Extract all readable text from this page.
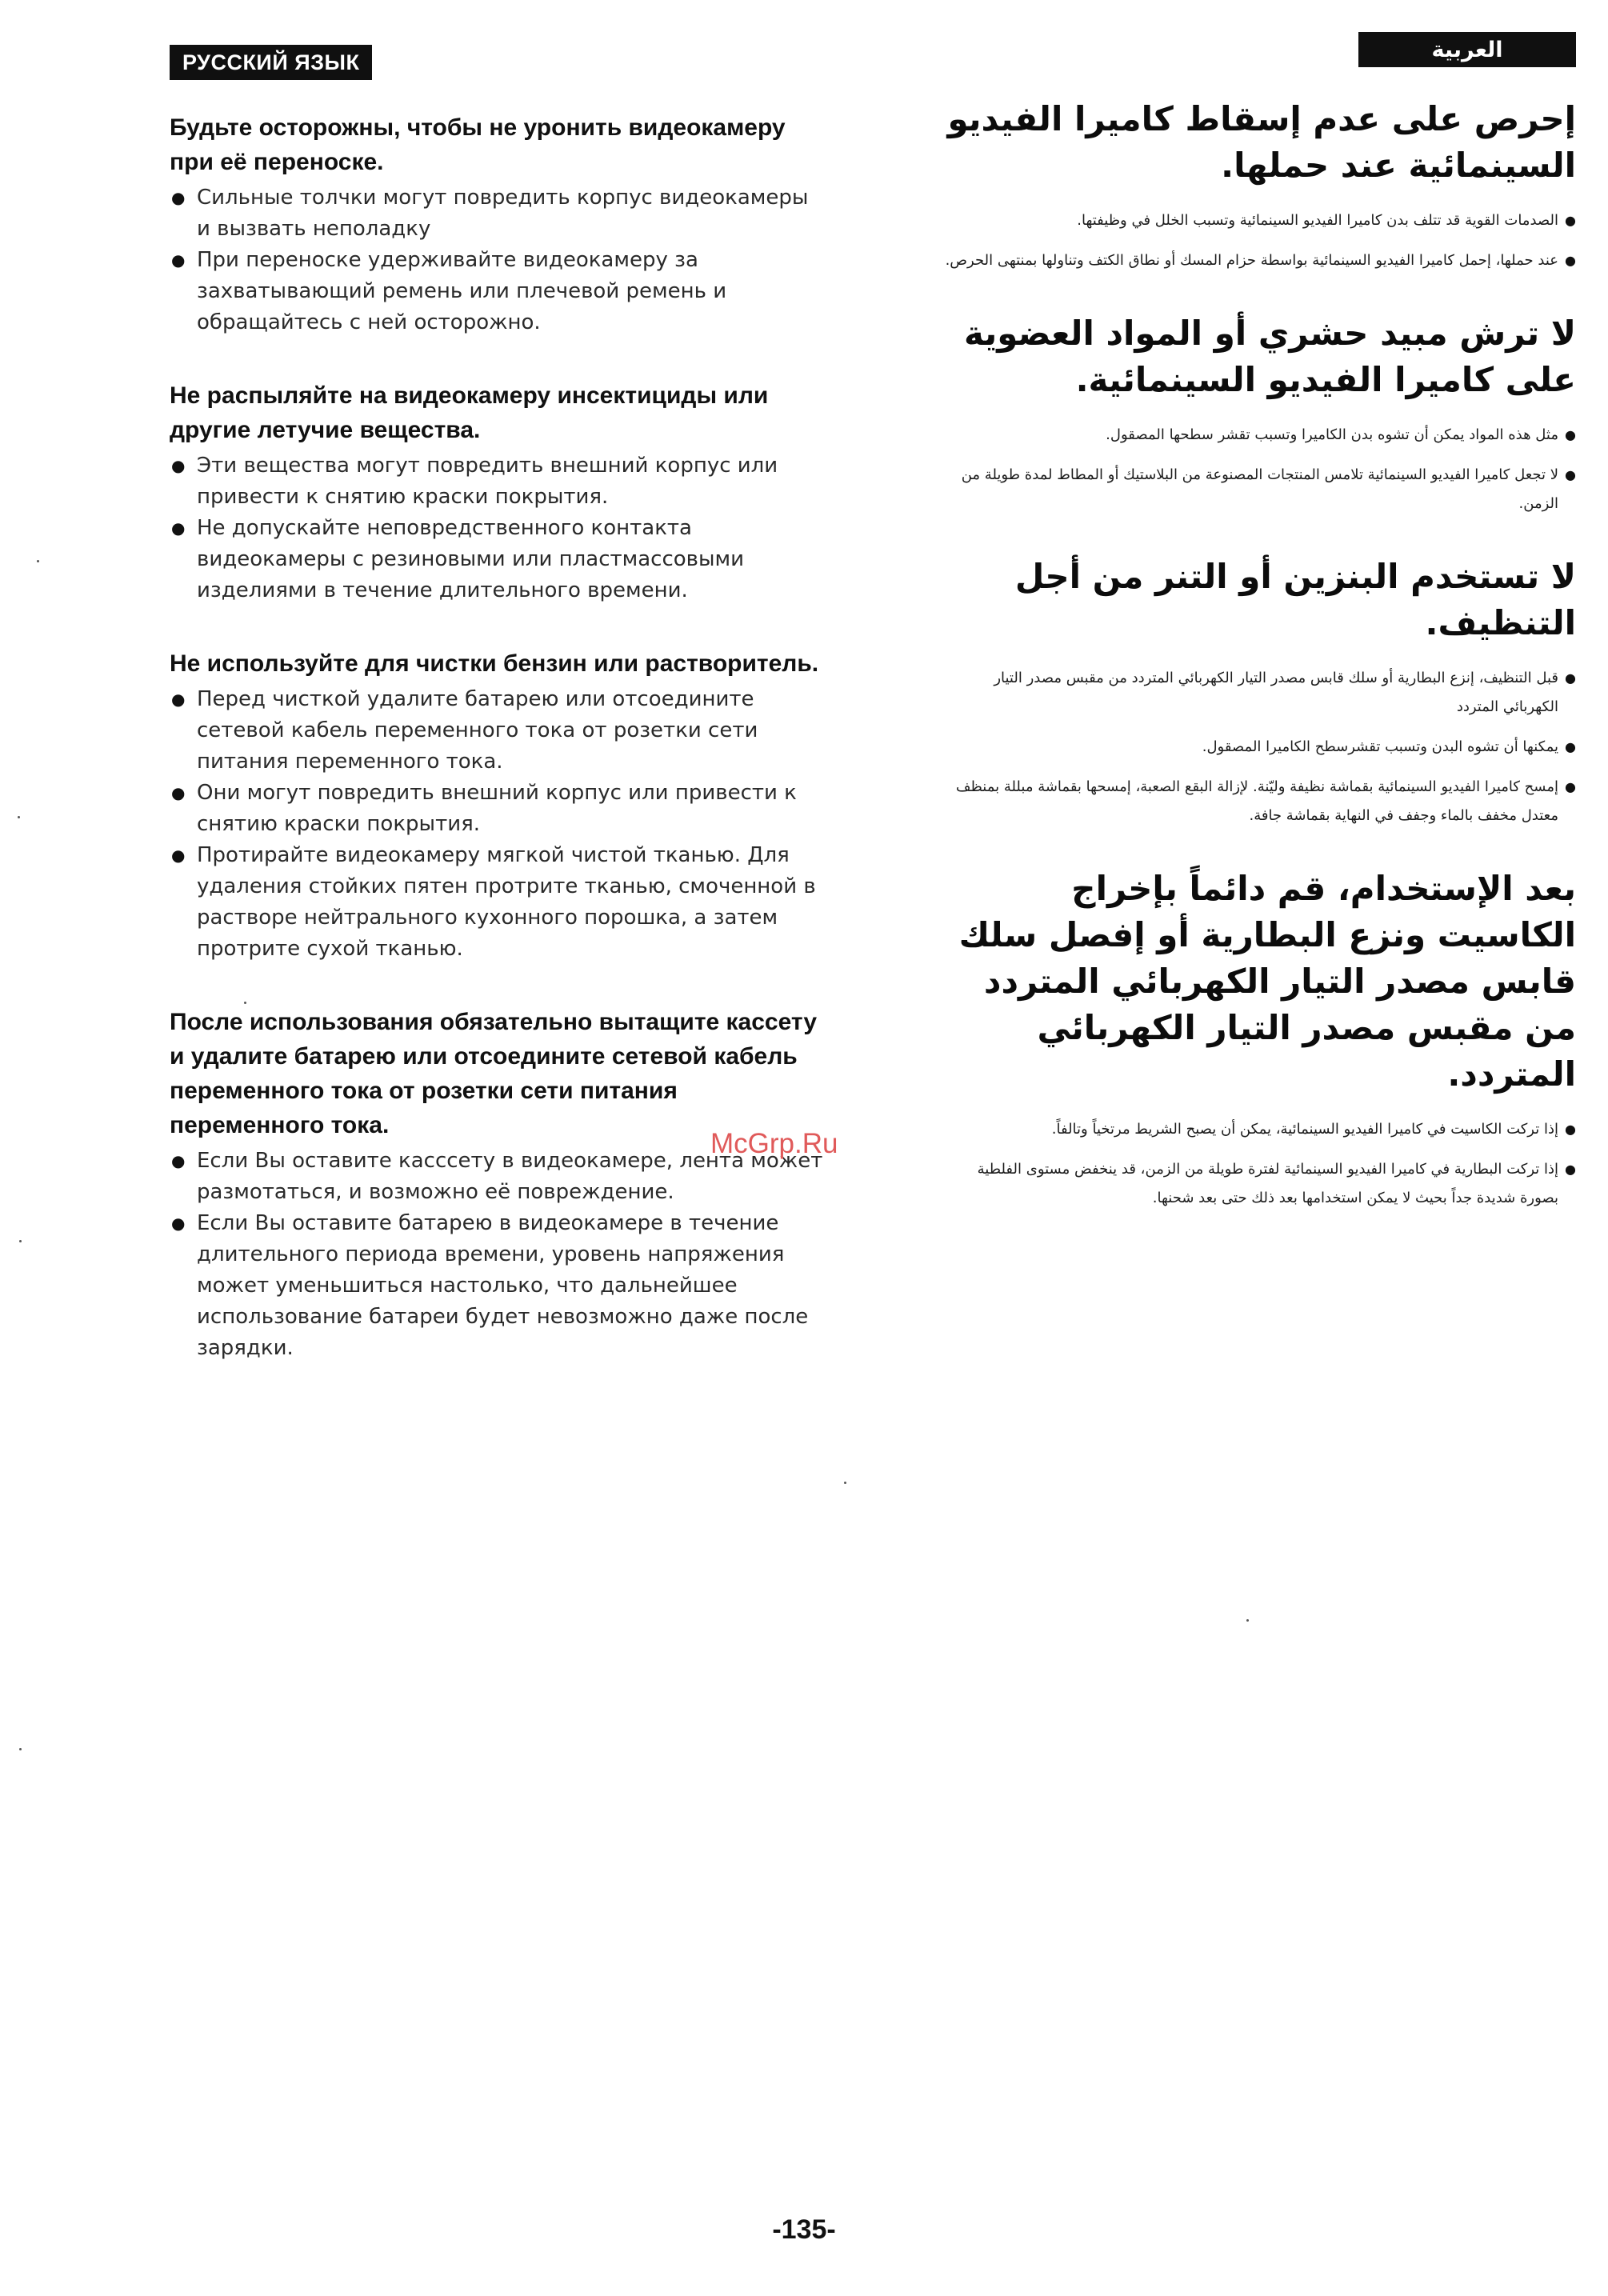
РУССКИЙ ЯЗЫК
Будьте осторожны, чтобы не уронить видеокамеру при её переноске.
● Сильные толчки могут повредить корпус видеокамеры и вызвать неполадку
● При переноске удерживайте видеокамеру за захватывающий ремень или плечевой ремень и обращайтесь с ней осторожно.
Не распыляйте на видеокамеру инсектициды или другие летучие вещества.
● Эти вещества могут повредить внешний корпус или привести к снятию краски покрытия.
● Не допускайте неповредственного контакта видеокамеры с резиновыми или пластмассовыми изделиями в течение длительного времени.
Не используйте для чистки бензин или растворитель.
● Перед чисткой удалите батарею или отсоедините сетевой кабель переменного тока от розетки сети питания переменного тока.
● Они могут повредить внешний корпус или привести к снятию краски покрытия.
● Протирайте видеокамеру мягкой чистой тканью. Для удаления стойких пятен протрите тканью, смоченной в растворе нейтрального кухонного порошка, а затем протрите сухой тканью.
После использования обязательно вытащите кассету и удалите батарею или отсоедините сетевой кабель переменного тока от розетки сети питания переменного тока.
● Если Вы оставите касссету в видеокамере, лента может размотаться, и возможно её повреждение.
● Если Вы оставите батарею в видеокамере в течение длительного периода времени, уровень напряжения может уменьшиться настолько, что дальнейшее использование батареи будет невозможно даже после зарядки.
العربية
إحرص على عدم إسقاط كاميرا الفيديو السينمائية عند حملها.
●
الصدمات القوية قد تتلف بدن كاميرا الفيديو السينمائية وتسبب الخلل في وظيفتها.
●
عند حملها، إحمل كاميرا الفيديو السينمائية بواسطة حزام المسك أو نطاق الكتف وتناولها بمنتهى الحرص.
لا ترش مبيد حشري أو المواد العضوية على كاميرا الفيديو السينمائية.
●
مثل هذه المواد يمكن أن تشوه بدن الكاميرا وتسبب تقشر سطحها المصقول.
●
لا تجعل كاميرا الفيديو السينمائية تلامس المنتجات المصنوعة من البلاستيك أو المطاط لمدة طويلة من الزمن.
لا تستخدم البنزين أو التنر من أجل التنظيف.
●
قبل التنظيف، إنزع البطارية أو سلك قابس مصدر التيار الكهربائي المتردد من مقبس مصدر التيار الكهربائي المتردد
●
يمكنها أن تشوه البدن وتسبب تقشرسطح الكاميرا المصقول.
●
إمسح كاميرا الفيديو السينمائية بقماشة نظيفة وليّنة. لإزالة البقع الصعبة، إمسحها بقماشة مبللة بمنظف معتدل مخفف بالماء وجفف في النهاية بقماشة جافة.
بعد الإستخدام، قم دائماً بإخراج الكاسيت ونزع البطارية أو إفصل سلك قابس مصدر التيار الكهربائي المتردد من مقبس مصدر التيار الكهربائي المتردد.
●
إذا تركت الكاسيت في كاميرا الفيديو السينمائية، يمكن أن يصبح الشريط مرتخياً وتالفاً.
●
إذا تركت البطارية في كاميرا الفيديو السينمائية لفترة طويلة من الزمن، قد ينخفض مستوى الفلطية بصورة شديدة جداً بحيث لا يمكن استخدامها بعد ذلك حتى بعد شحنها.
McGrp.Ru
-135-
